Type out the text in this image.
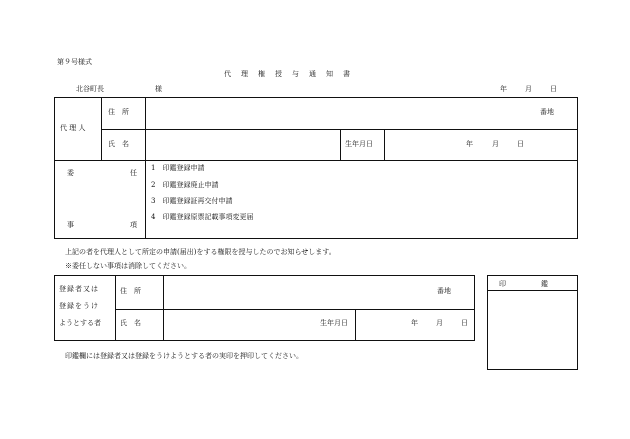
第９号様式
代　理　権　授　与　通　知　書
北谷町長	様	年	月	日
代 理 人
住　所	番地
氏　名	生年月日	年	月	日
委	任
事	項
1　印鑑登録申請
2　印鑑登録廃止申請
3　印鑑登録証再交付申請
4　印鑑登録原票記載事項変更届
上記の者を代理人として所定の申請(届出)をする権限を授与したのでお知らせします。
※委任しない事項は消除してください。
登録者又は
登録をうけ
ようとする者
住　所	番地
氏　名	生年月日	年	月	日
印　　　　　鑑
印鑑欄には登録者又は登録をうけようとする者の実印を押印してください。
